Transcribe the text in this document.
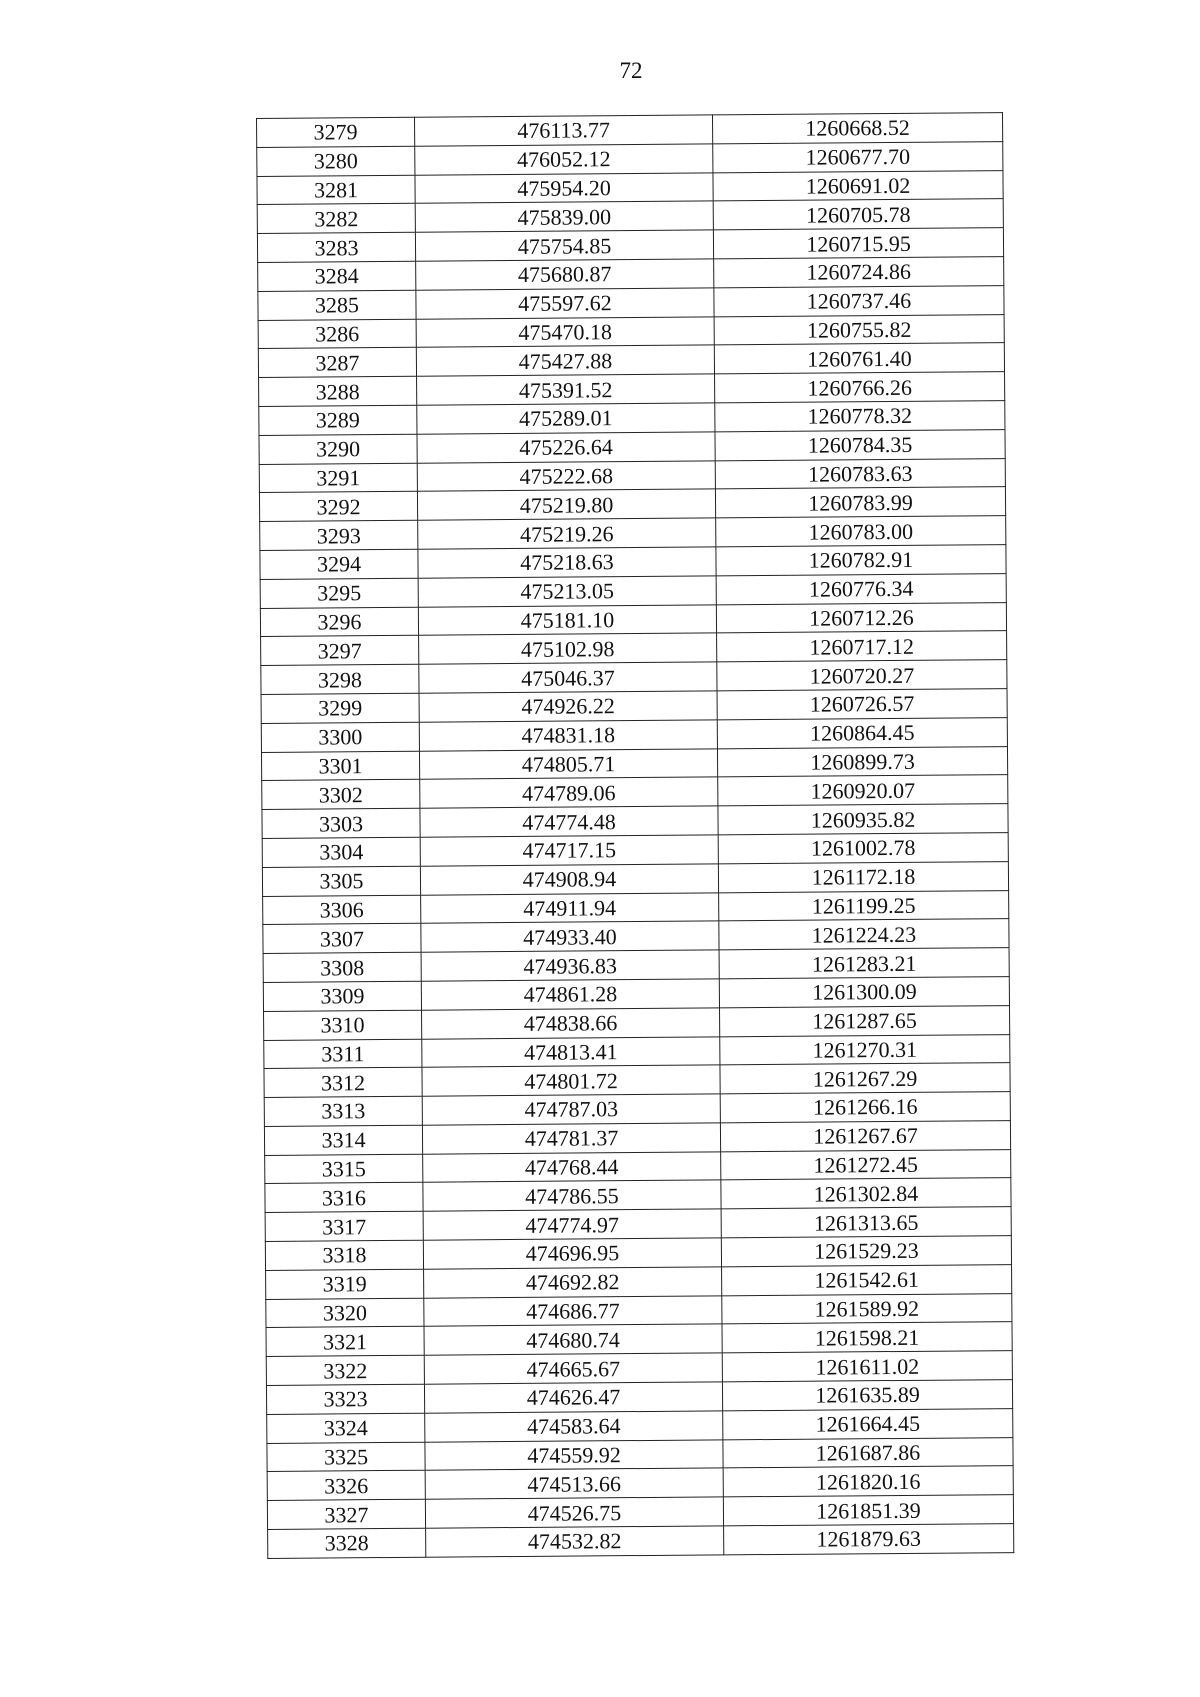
72
3279	476113.77	1260668.52
3280	476052.12	1260677.70
3281	475954.20	1260691.02
3282	475839.00	1260705.78
3283	475754.85	1260715.95
3284	475680.87	1260724.86
3285	475597.62	1260737.46
3286	475470.18	1260755.82
3287	475427.88	1260761.40
3288	475391.52	1260766.26
3289	475289.01	1260778.32
3290	475226.64	1260784.35
3291	475222.68	1260783.63
3292	475219.80	1260783.99
3293	475219.26	1260783.00
3294	475218.63	1260782.91
3295	475213.05	1260776.34
3296	475181.10	1260712.26
3297	475102.98	1260717.12
3298	475046.37	1260720.27
3299	474926.22	1260726.57
3300	474831.18	1260864.45
3301	474805.71	1260899.73
3302	474789.06	1260920.07
3303	474774.48	1260935.82
3304	474717.15	1261002.78
3305	474908.94	1261172.18
3306	474911.94	1261199.25
3307	474933.40	1261224.23
3308	474936.83	1261283.21
3309	474861.28	1261300.09
3310	474838.66	1261287.65
3311	474813.41	1261270.31
3312	474801.72	1261267.29
3313	474787.03	1261266.16
3314	474781.37	1261267.67
3315	474768.44	1261272.45
3316	474786.55	1261302.84
3317	474774.97	1261313.65
3318	474696.95	1261529.23
3319	474692.82	1261542.61
3320	474686.77	1261589.92
3321	474680.74	1261598.21
3322	474665.67	1261611.02
3323	474626.47	1261635.89
3324	474583.64	1261664.45
3325	474559.92	1261687.86
3326	474513.66	1261820.16
3327	474526.75	1261851.39
3328	474532.82	1261879.63
